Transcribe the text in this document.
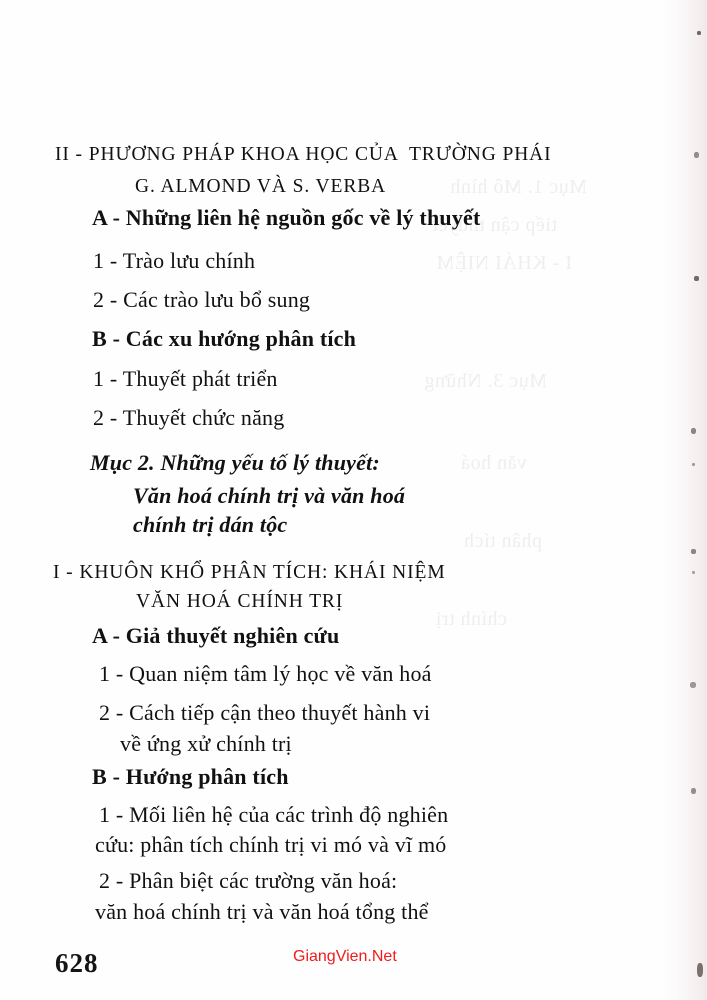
Mục 1. Mô hình
tiếp cận thuyết
I - KHÁI NIỆM
Mục 3. Những
văn hoá
phân tích
chính trị
II - PHƯƠNG PHÁP KHOA HỌC CỦA  TRƯỜNG PHÁI
G. ALMOND VÀ S. VERBA
A - Những liên hệ nguồn gốc về lý thuyết
1 - Trào lưu chính
2 - Các trào lưu bổ sung
B - Các xu hướng phân tích
1 - Thuyết phát triển
2 - Thuyết chức năng
Mục 2. Những yếu tố lý thuyết:
Văn hoá chính trị và văn hoá
chính trị dán tộc
I - KHUÔN KHỔ PHÂN TÍCH: KHÁI NIỆM
VĂN HOÁ CHÍNH TRỊ
A - Giả thuyết nghiên cứu
1 - Quan niệm tâm lý học về văn hoá
2 - Cách tiếp cận theo thuyết hành vi
về ứng xử chính trị
B - Hướng phân tích
1 - Mối liên hệ của các trình độ nghiên
cứu: phân tích chính trị vi mó và vĩ mó
2 - Phân biệt các trường văn hoá:
văn hoá chính trị và văn hoá tổng thể
628	GiangVien.Net
